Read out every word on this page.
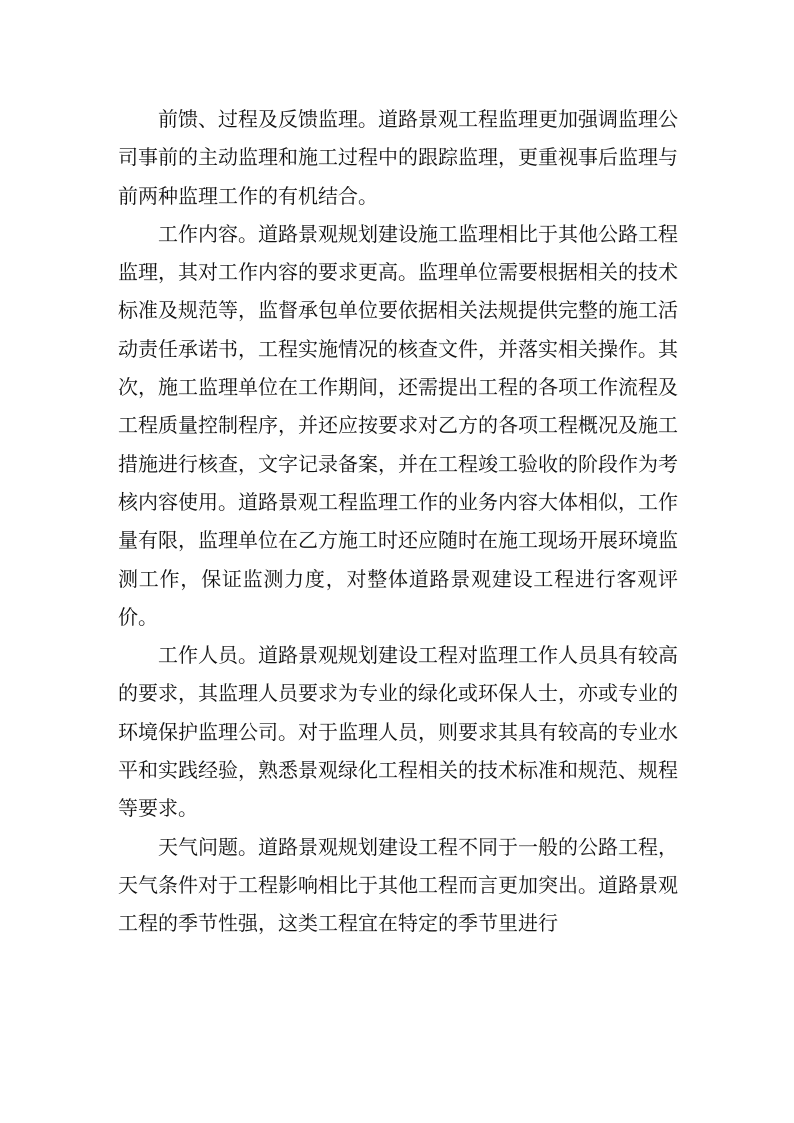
前馈、过程及反馈监理。道路景观工程监理更加强调监理公司事前的主动监理和施工过程中的跟踪监理，更重视事后监理与前两种监理工作的有机结合。

工作内容。道路景观规划建设施工监理相比于其他公路工程监理，其对工作内容的要求更高。监理单位需要根据相关的技术标准及规范等，监督承包单位要依据相关法规提供完整的施工活动责任承诺书，工程实施情况的核查文件，并落实相关操作。其次，施工监理单位在工作期间，还需提出工程的各项工作流程及工程质量控制程序，并还应按要求对乙方的各项工程概况及施工措施进行核查，文字记录备案，并在工程竣工验收的阶段作为考核内容使用。道路景观工程监理工作的业务内容大体相似，工作量有限，监理单位在乙方施工时还应随时在施工现场开展环境监测工作，保证监测力度，对整体道路景观建设工程进行客观评价。

工作人员。道路景观规划建设工程对监理工作人员具有较高的要求，其监理人员要求为专业的绿化或环保人士，亦或专业的环境保护监理公司。对于监理人员，则要求其具有较高的专业水平和实践经验，熟悉景观绿化工程相关的技术标准和规范、规程等要求。

天气问题。道路景观规划建设工程不同于一般的公路工程，天气条件对于工程影响相比于其他工程而言更加突出。道路景观工程的季节性强，这类工程宜在特定的季节里进行
